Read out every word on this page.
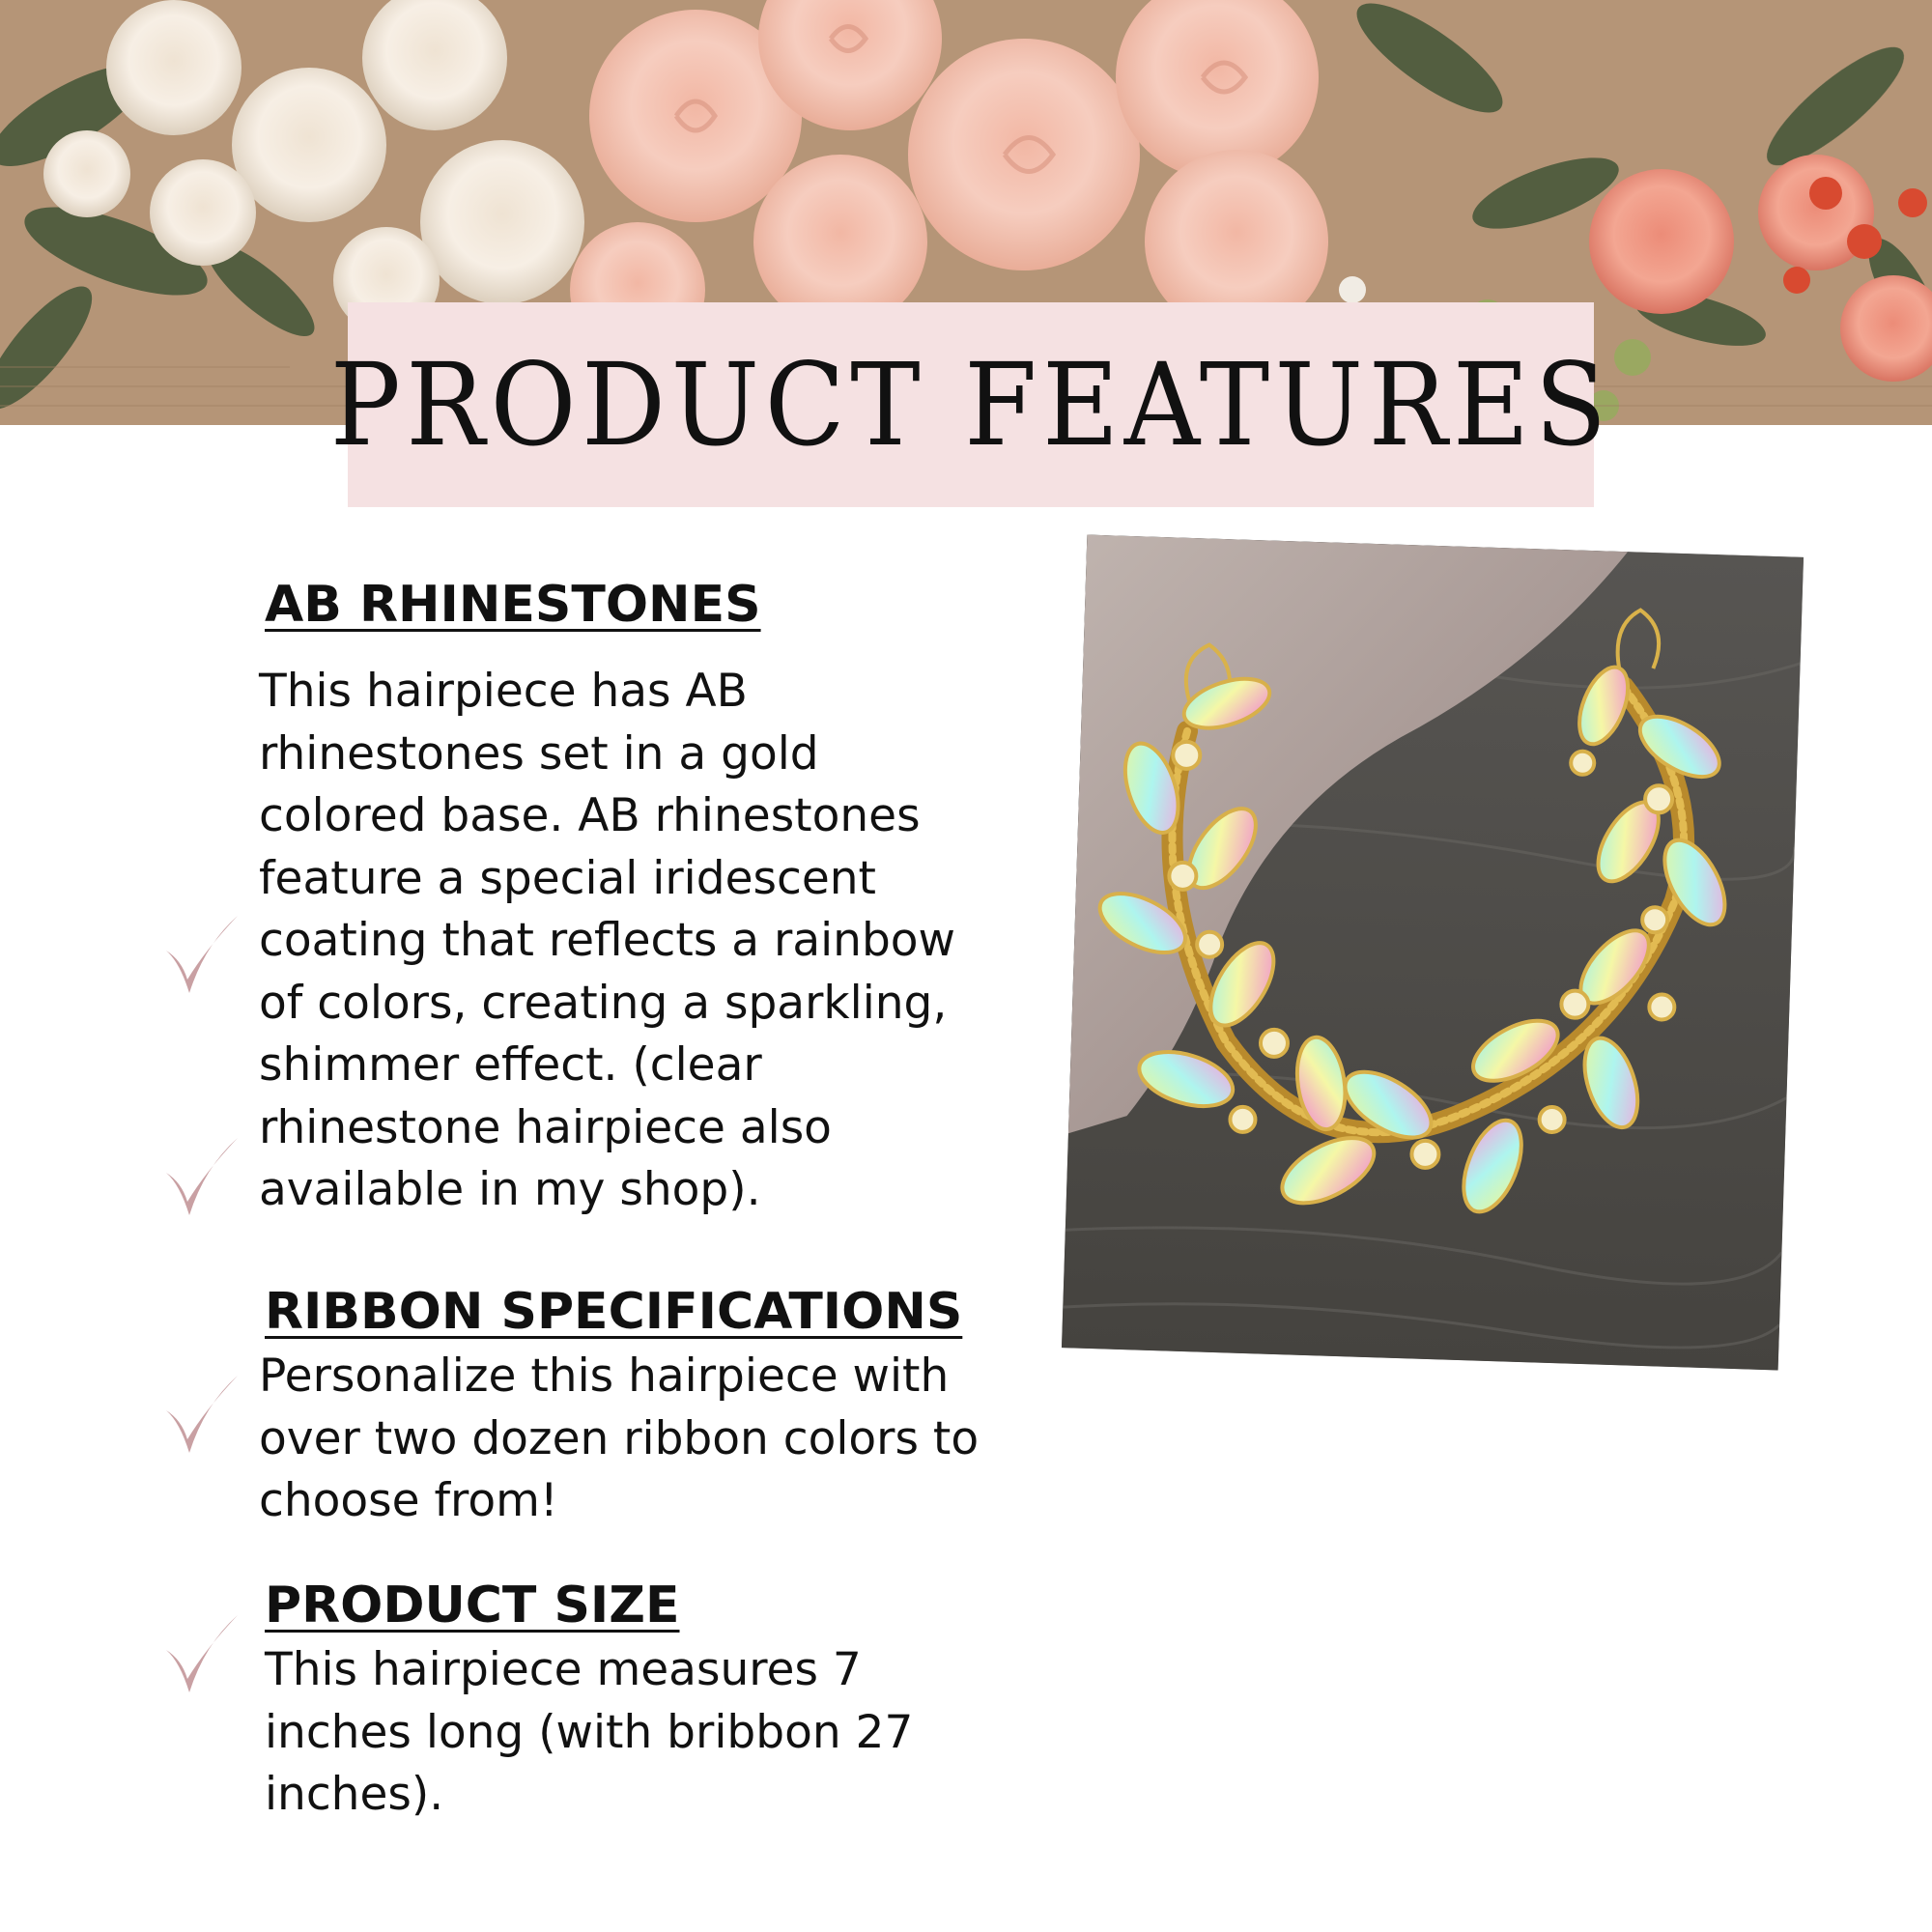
PRODUCT FEATURES
AB RHINESTONES

This hairpiece has AB
rhinestones set in a gold
colored base. AB rhinestones
feature a special iridescent
coating that reflects a rainbow
of colors, creating a sparkling,
shimmer effect. (clear
rhinestone hairpiece also
available in my shop).

RIBBON SPECIFICATIONS

Personalize this hairpiece with
over two dozen ribbon colors to
choose from!

PRODUCT SIZE

This hairpiece measures 7
inches long (with bribbon 27
inches).
